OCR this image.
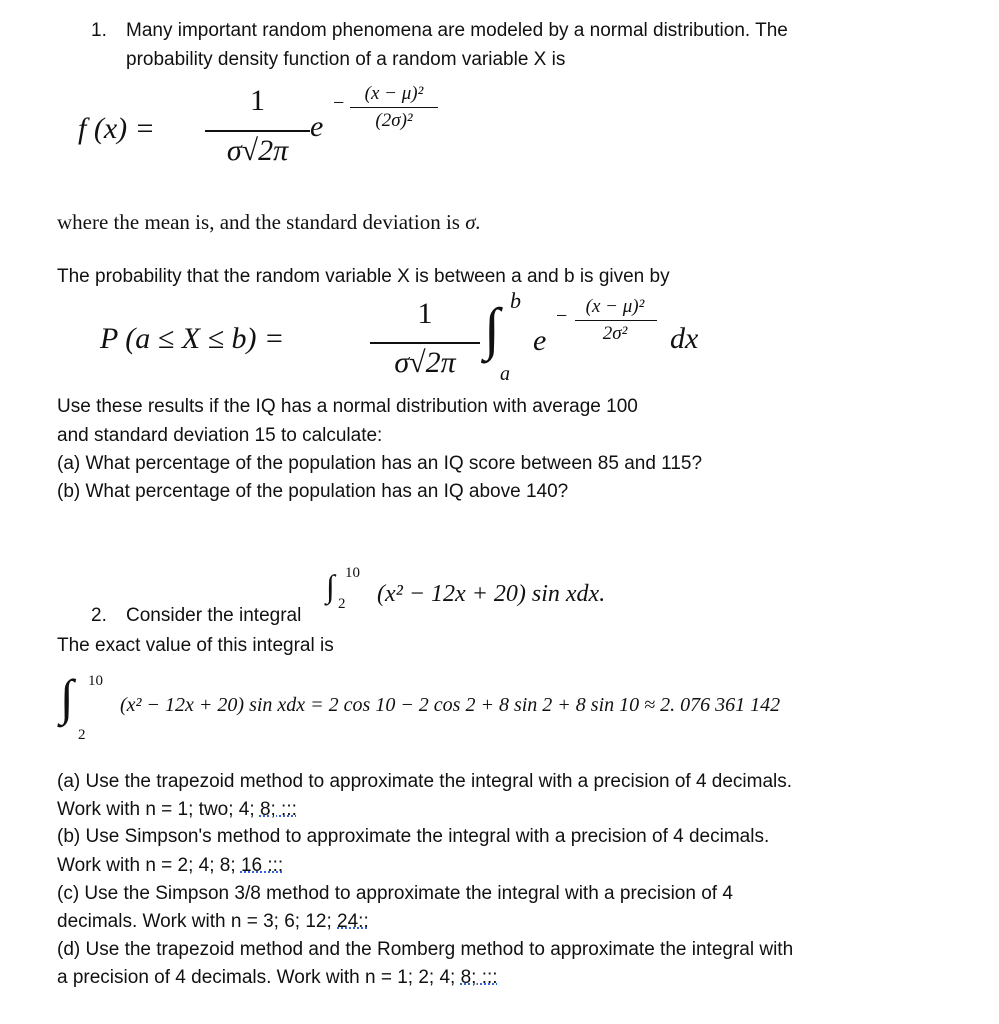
1. Many important random phenomena are modeled by a normal distribution. The
probability density function of a random variable X is
f (x) =
1
σ√2π
e
−	(x − μ)²
(2σ)²
where the mean is, and the standard deviation is σ.
The probability that the random variable X is between a and b is given by
P (a ≤ X ≤ b) =
1
σ√2π
∫ b
a
e
− (x − μ)²
2σ²	dx
Use these results if the IQ has a normal distribution with average 100
and standard deviation 15 to calculate:
(a) What percentage of the population has an IQ score between 85 and 115?
(b) What percentage of the population has an IQ above 140?
∫ 10
2 (x² − 12x + 20) sin xdx.
2. Consider the integral
The exact value of this integral is
∫ 10
2
(x² − 12x + 20) sin xdx = 2 cos 10 − 2 cos 2 + 8 sin 2 + 8 sin 10 ≈ 2. 076 361 142
(a) Use the trapezoid method to approximate the integral with a precision of 4 decimals.
Work with n = 1; two; 4; 8; :::
(b) Use Simpson's method to approximate the integral with a precision of 4 decimals.
Work with n = 2; 4; 8; 16 :::
(c) Use the Simpson 3/8 method to approximate the integral with a precision of 4
decimals. Work with n = 3; 6; 12; 24::
(d) Use the trapezoid method and the Romberg method to approximate the integral with
a precision of 4 decimals. Work with n = 1; 2; 4; 8; :::
